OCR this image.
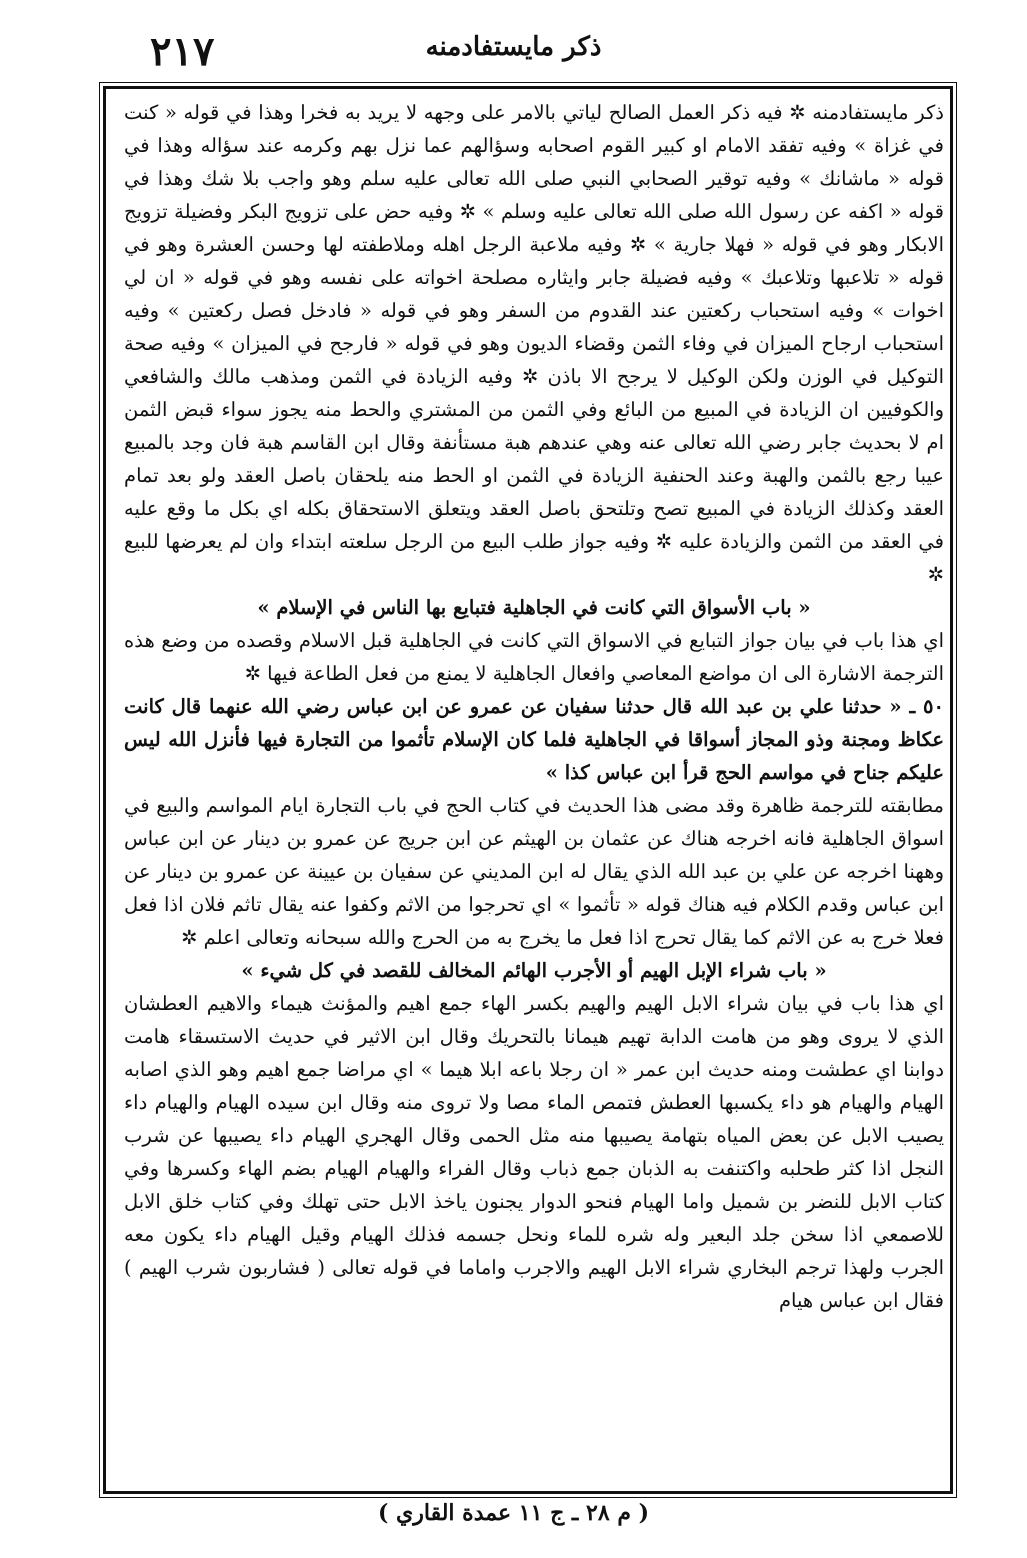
۲۱۷	ذكر مايستفادمنه

ذكر مايستفادمنه ✲ فيه ذكر العمل الصالح لياتي بالامر على وجهه لا يريد به فخرا وهذا في قوله « كنت في غزاة » وفيه تفقد الامام او كبير القوم اصحابه وسؤالهم عما نزل بهم وكرمه عند سؤاله وهذا في قوله « ماشانك » وفيه توقير الصحابي النبي صلى الله تعالى عليه سلم وهو واجب بلا شك وهذا في قوله « اكفه عن رسول الله صلى الله تعالى عليه وسلم » ✲ وفيه حض على تزويج البكر وفضيلة تزويج الابكار وهو في قوله « فهلا جارية » ✲ وفيه ملاعبة الرجل اهله وملاطفته لها وحسن العشرة وهو في قوله « تلاعبها وتلاعبك » وفيه فضيلة جابر وايثاره مصلحة اخواته على نفسه وهو في قوله « ان لي اخوات » وفيه استحباب ركعتين عند القدوم من السفر وهو في قوله « فادخل فصل ركعتين » وفيه استحباب ارجاح الميزان في وفاء الثمن وقضاء الديون وهو في قوله « فارجح في الميزان » وفيه صحة التوكيل في الوزن ولكن الوكيل لا يرجح الا باذن ✲ وفيه الزيادة في الثمن ومذهب مالك والشافعي والكوفيين ان الزيادة في المبيع من البائع وفي الثمن من المشتري والحط منه يجوز سواء قبض الثمن ام لا بحديث جابر رضي الله تعالى عنه وهي عندهم هبة مستأنفة وقال ابن القاسم هبة فان وجد بالمبيع عيبا رجع بالثمن والهبة وعند الحنفية الزيادة في الثمن او الحط منه يلحقان باصل العقد ولو بعد تمام العقد وكذلك الزيادة في المبيع تصح وتلتحق باصل العقد ويتعلق الاستحقاق بكله اي بكل ما وقع عليه في العقد من الثمن والزيادة عليه ✲ وفيه جواز طلب البيع من الرجل سلعته ابتداء وان لم يعرضها للبيع ✲

« باب الأسواق التي كانت في الجاهلية فتبايع بها الناس في الإسلام »

اي هذا باب في بيان جواز التبايع في الاسواق التي كانت في الجاهلية قبل الاسلام وقصده من وضع هذه الترجمة الاشارة الى ان مواضع المعاصي وافعال الجاهلية لا يمنع من فعل الطاعة فيها ✲

٥٠ ـ « حدثنا علي بن عبد الله قال حدثنا سفيان عن عمرو عن ابن عباس رضي الله عنهما قال كانت عكاظ ومجنة وذو المجاز أسواقا في الجاهلية فلما كان الإسلام تأثموا من التجارة فيها فأنزل الله ليس عليكم جناح في مواسم الحج قرأ ابن عباس كذا »

مطابقته للترجمة ظاهرة وقد مضى هذا الحديث في كتاب الحج في باب التجارة ايام المواسم والبيع في اسواق الجاهلية فانه اخرجه هناك عن عثمان بن الهيثم عن ابن جريج عن عمرو بن دينار عن ابن عباس وههنا اخرجه عن علي بن عبد الله الذي يقال له ابن المديني عن سفيان بن عيينة عن عمرو بن دينار عن ابن عباس وقدم الكلام فيه هناك قوله « تأثموا » اي تحرجوا من الاثم وكفوا عنه يقال تاثم فلان اذا فعل فعلا خرج به عن الاثم كما يقال تحرج اذا فعل ما يخرج به من الحرج والله سبحانه وتعالى اعلم ✲

« باب شراء الإبل الهيم أو الأجرب الهائم المخالف للقصد في كل شيء »

اي هذا باب في بيان شراء الابل الهيم والهيم بكسر الهاء جمع اهيم والمؤنث هيماء والاهيم العطشان الذي لا يروى وهو من هامت الدابة تهيم هيمانا بالتحريك وقال ابن الاثير في حديث الاستسقاء هامت دوابنا اي عطشت ومنه حديث ابن عمر « ان رجلا باعه ابلا هيما » اي مراضا جمع اهيم وهو الذي اصابه الهيام والهيام هو داء يكسبها العطش فتمص الماء مصا ولا تروى منه وقال ابن سيده الهيام والهيام داء يصيب الابل عن بعض المياه بتهامة يصيبها منه مثل الحمى وقال الهجري الهيام داء يصيبها عن شرب النجل اذا كثر طحلبه واكتنفت به الذبان جمع ذباب وقال الفراء والهيام الهيام بضم الهاء وكسرها وفي كتاب الابل للنضر بن شميل واما الهيام فنحو الدوار يجنون ياخذ الابل حتى تهلك وفي كتاب خلق الابل للاصمعي اذا سخن جلد البعير وله شره للماء ونحل جسمه فذلك الهيام وقيل الهيام داء يكون معه الجرب ولهذا ترجم البخاري شراء الابل الهيم والاجرب واماما في قوله تعالى ( فشاربون شرب الهيم ) فقال ابن عباس هيام

( م ٢٨ ـ ج ١١ عمدة القاري )
